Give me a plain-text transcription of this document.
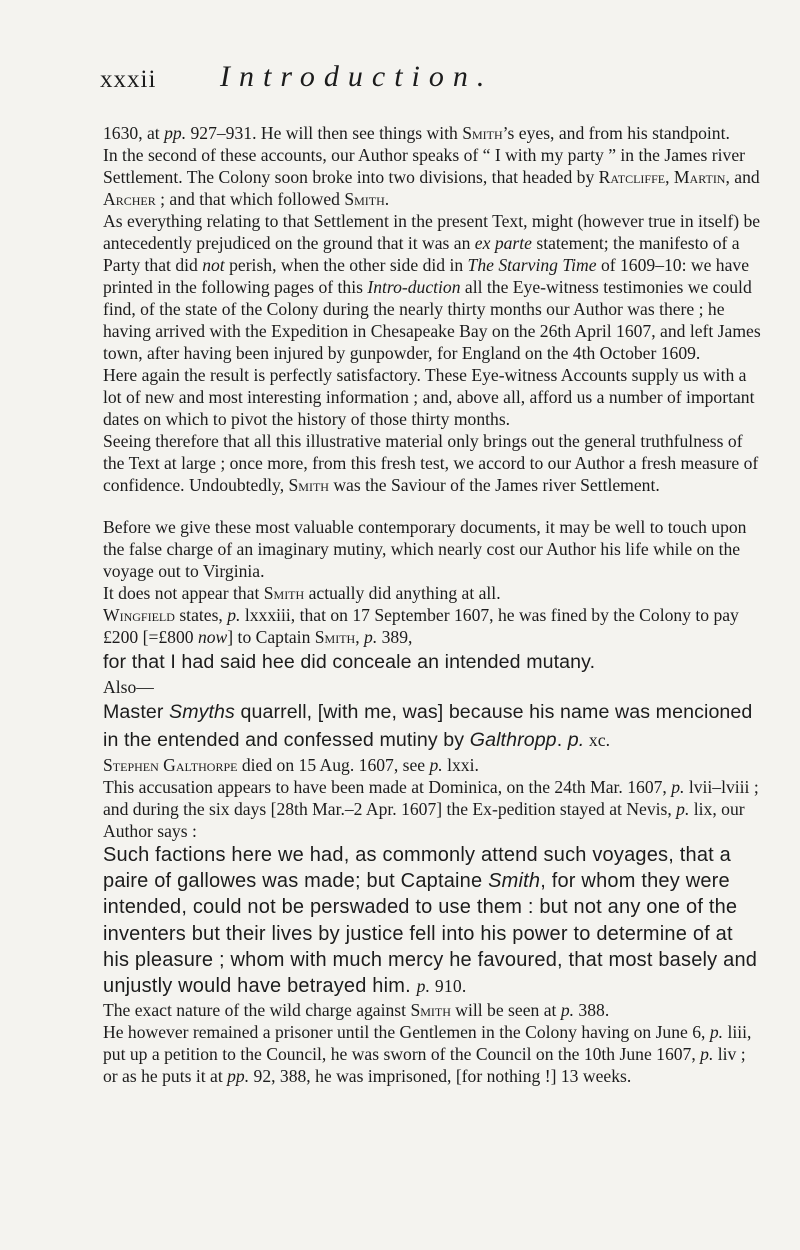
xxxii Introduction.

1630, at pp. 927–931. He will then see things with Smith’s eyes, and from his standpoint.

In the second of these accounts, our Author speaks of “ I with my party ” in the James river Settlement. The Colony soon broke into two divisions, that headed by Ratcliffe, Martin, and Archer ; and that which followed Smith.

As everything relating to that Settlement in the present Text, might (however true in itself) be antecedently prejudiced on the ground that it was an ex parte statement; the manifesto of a Party that did not perish, when the other side did in The Starving Time of 1609–10: we have printed in the following pages of this Intro-duction all the Eye-witness testimonies we could find, of the state of the Colony during the nearly thirty months our Author was there ; he having arrived with the Expedition in Chesapeake Bay on the 26th April 1607, and left James town, after having been injured by gunpowder, for England on the 4th October 1609.

Here again the result is perfectly satisfactory. These Eye-witness Accounts supply us with a lot of new and most interesting information ; and, above all, afford us a number of important dates on which to pivot the history of those thirty months.

Seeing therefore that all this illustrative material only brings out the general truthfulness of the Text at large ; once more, from this fresh test, we accord to our Author a fresh measure of confidence. Undoubtedly, Smith was the Saviour of the James river Settlement.

Before we give these most valuable contemporary documents, it may be well to touch upon the false charge of an imaginary mutiny, which nearly cost our Author his life while on the voyage out to Virginia.

It does not appear that Smith actually did anything at all.

Wingfield states, p. lxxxiii, that on 17 September 1607, he was fined by the Colony to pay £200 [=£800 now] to Captain Smith, p. 389,

for that I had said hee did conceale an intended mutany.

Also—

Master Smyths quarrell, [with me, was] because his name was mencioned in the entended and confessed mutiny by Galthropp. p. xc.

Stephen Galthorpe died on 15 Aug. 1607, see p. lxxi.

This accusation appears to have been made at Dominica, on the 24th Mar. 1607, p. lvii–lviii ; and during the six days [28th Mar.–2 Apr. 1607] the Ex-pedition stayed at Nevis, p. lix, our Author says :

Such factions here we had, as commonly attend such voyages, that a paire of gallowes was made; but Captaine Smith, for whom they were intended, could not be perswaded to use them : but not any one of the inventers but their lives by justice fell into his power to determine of at his pleasure ; whom with much mercy he favoured, that most basely and unjustly would have betrayed him. p. 910.

The exact nature of the wild charge against Smith will be seen at p. 388.

He however remained a prisoner until the Gentlemen in the Colony having on June 6, p. liii, put up a petition to the Council, he was sworn of the Council on the 10th June 1607, p. liv ; or as he puts it at pp. 92, 388, he was imprisoned, [for nothing !] 13 weeks.
